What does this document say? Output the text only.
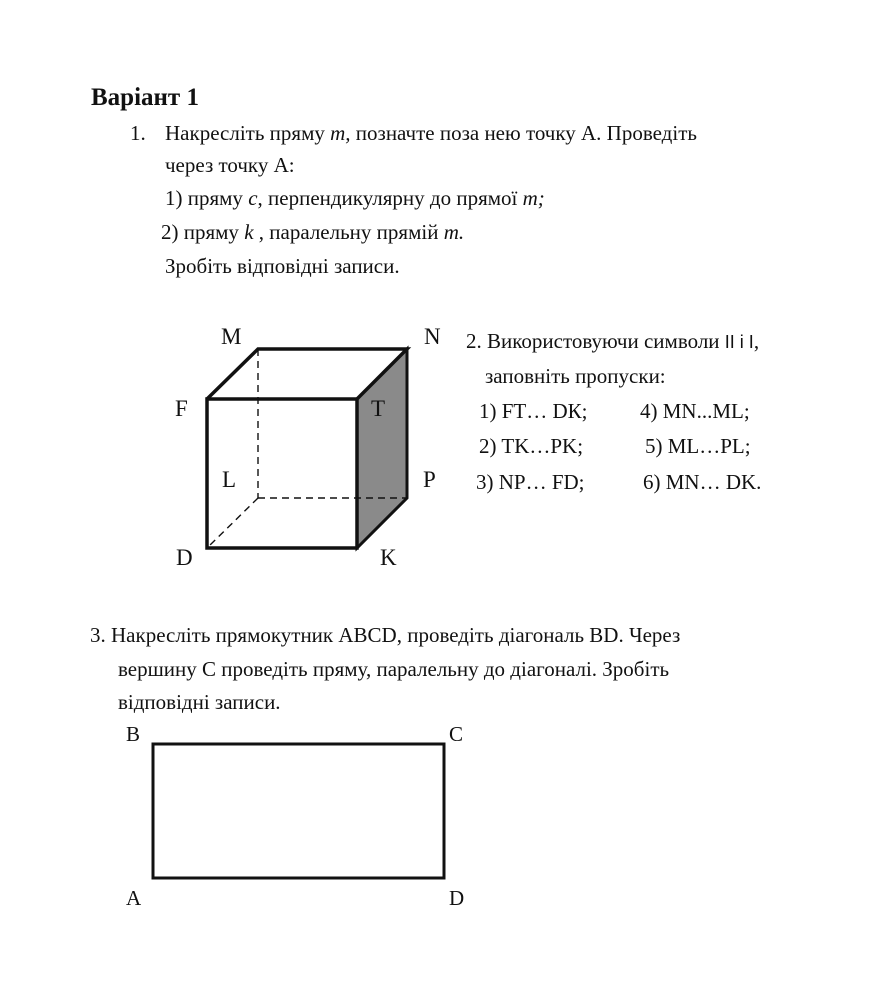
Варіант 1
1. Накресліть пряму m, позначте поза нею точку А. Проведіть
через точку А:
1) пряму c, перпендикулярну до прямої m;
2) пряму k , паралельну прямій m.
Зробіть відповідні записи.
M	N
F	T
L	P
D	K
2. Використовуючи символи II і I,
заповніть пропуски:
1) FT… DК; 4) MN...ML;
2) TK…PK;	5) ML…PL;
3) NP… FD;	6) MN… DK.
3. Накресліть прямокутник ABCD, проведіть діагональ BD. Через
вершину С проведіть пряму, паралельну до діагоналі. Зробіть
відповідні записи.
B	C
A	D
